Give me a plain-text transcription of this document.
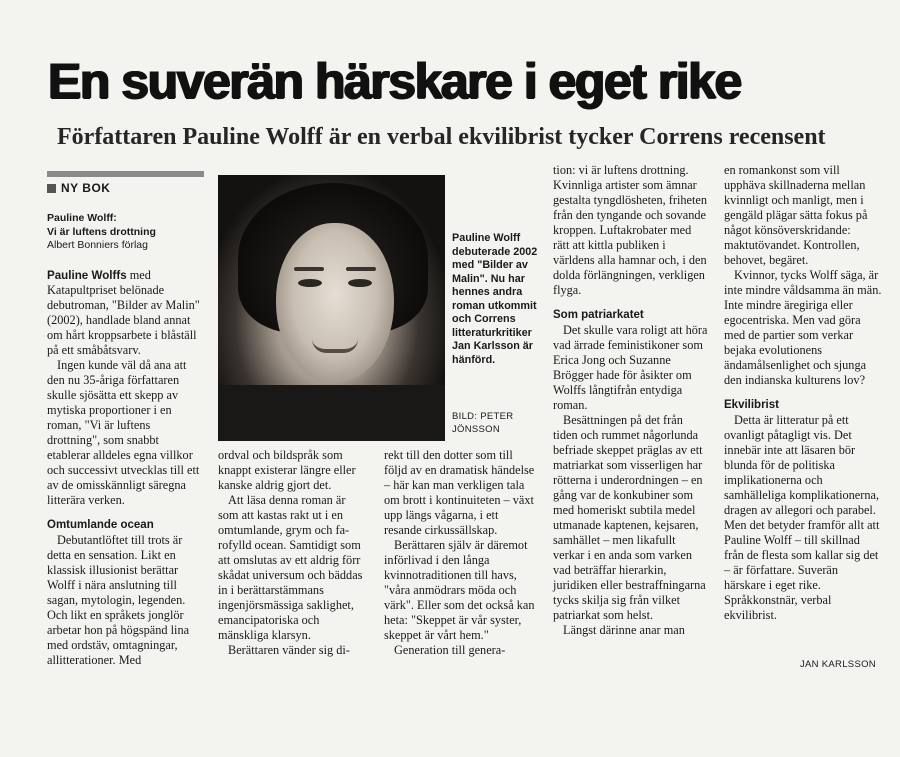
En suverän härskare i eget rike
Författaren Pauline Wolff är en verbal ekvilibrist tycker Correns recensent
NY BOK
Pauline Wolff:
Vi är luftens drottning
Albert Bonniers förlag

Pauline Wolffs med Katapultpriset belönade debutroman, "Bilder av Malin" (2002), handlade bland annat om hårt kroppsarbete i blåställ på ett småbåtsvarv.

Ingen kunde väl då ana att den nu 35-åriga författaren skulle sjösätta ett skepp av mytiska proportioner i en roman, "Vi är luftens drottning", som snabbt etablerar alldeles egna villkor och successivt utvecklas till ett av de omisskännligt säregna litterära verken.

Omtumlande ocean

Debutantlöftet till trots är detta en sensation. Likt en klassisk illusionist berättar Wolff i nära anslutning till sagan, mytologin, legenden. Och likt en språkets jonglör arbetar hon på högspänd lina med ordstäv, omtagningar, allitterationer. Med

Pauline Wolff debuterade 2002 med "Bilder av Malin". Nu har hennes andra roman utkommit och Correns litteraturkritiker Jan Karlsson är hänförd.
BILD: PETER JÖNSSON

ordval och bildspråk som knappt existerar längre eller kanske aldrig gjort det.

Att läsa denna roman är som att kastas rakt ut i en omtumlande, grym och fa-rofylld ocean. Samtidigt som att omslutas av ett aldrig förr skådat universum och bäddas in i berättarstämmans ingenjörsmässiga saklighet, emancipatoriska och mänskliga klarsyn.

Berättaren vänder sig di-

rekt till den dotter som till följd av en dramatisk händelse – här kan man verkligen tala om brott i kontinuiteten – växt upp längs vågarna, i ett resande cirkussällskap.

Berättaren själv är däremot införlivad i den långa kvinnotraditionen till havs, "våra anmödrars möda och värk". Eller som det också kan heta: "Skeppet är vår syster, skeppet är vårt hem."

Generation till genera-

tion: vi är luftens drottning. Kvinnliga artister som ämnar gestalta tyngdlösheten, friheten från den tyngande och sovande kroppen. Luftakrobater med rätt att kittla publiken i världens alla hamnar och, i den dolda förlängningen, verkligen flyga.

Som patriarkatet

Det skulle vara roligt att höra vad ärrade feministikoner som Erica Jong och Suzanne Brögger hade för åsikter om Wolffs långtifrån entydiga roman.

Besättningen på det från tiden och rummet någorlunda befriade skeppet präglas av ett matriarkat som visserligen har rötterna i underordningen – en gång var de konkubiner som med homeriskt subtila medel utmanade kaptenen, kejsaren, samhället – men likafullt verkar i en anda som varken vad beträffar hierarkin, juridiken eller bestraffningarna tycks skilja sig från vilket patriarkat som helst.

Längst därinne anar man

en romankonst som vill upphäva skillnaderna mellan kvinnligt och manligt, men i gengäld plägar sätta fokus på något könsöverskridande: maktutövandet. Kontrollen, behovet, begäret.

Kvinnor, tycks Wolff säga, är inte mindre våldsamma än män. Inte mindre äregiriga eller egocentriska. Men vad göra med de partier som verkar bejaka evolutionens ändamålsenlighet och sjunga den indianska kulturens lov?

Ekvilibrist

Detta är litteratur på ett ovanligt påtagligt vis. Det innebär inte att läsaren bör blunda för de politiska implikationerna och samhälleliga komplikationerna, dragen av allegori och parabel. Men det betyder framför allt att Pauline Wolff – till skillnad från de flesta som kallar sig det – är författare. Suverän härskare i eget rike. Språkkonstnär, verbal ekvilibrist.

JAN KARLSSON
